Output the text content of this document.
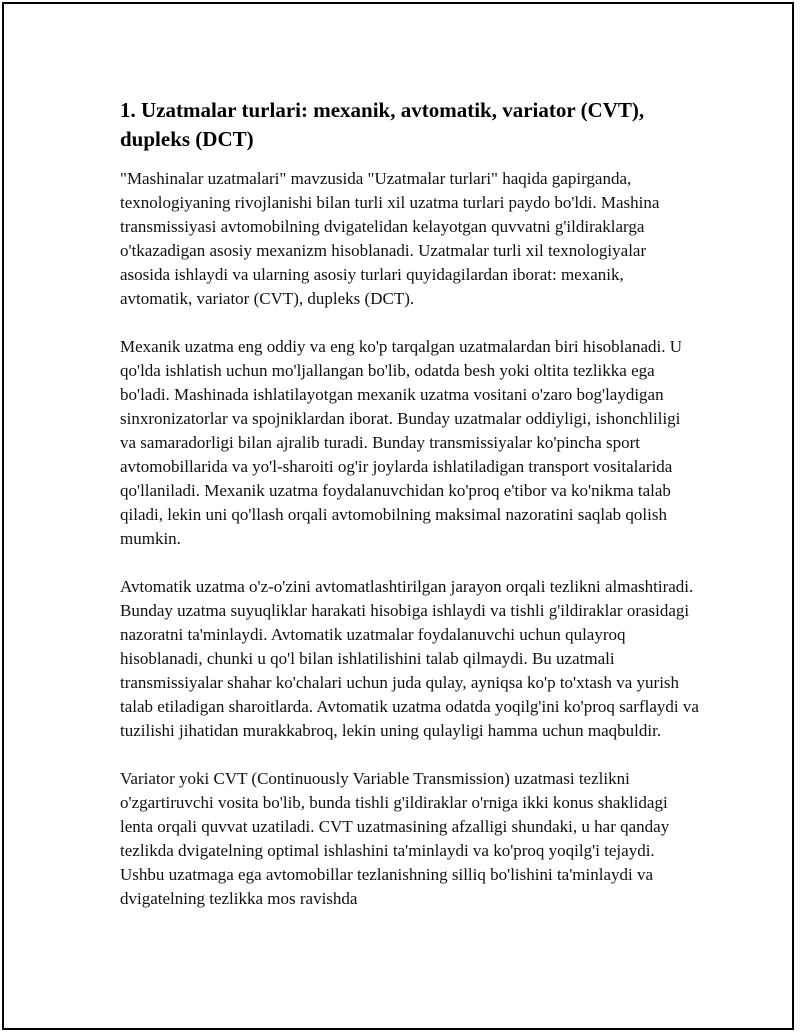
1. Uzatmalar turlari: mexanik, avtomatik, variator (CVT), dupleks (DCT)

"Mashinalar uzatmalari" mavzusida "Uzatmalar turlari" haqida gapirganda, texnologiyaning rivojlanishi bilan turli xil uzatma turlari paydo bo'ldi. Mashina transmissiyasi avtomobilning dvigatelidan kelayotgan quvvatni g'ildiraklarga o'tkazadigan asosiy mexanizm hisoblanadi. Uzatmalar turli xil texnologiyalar asosida ishlaydi va ularning asosiy turlari quyidagilardan iborat: mexanik, avtomatik, variator (CVT), dupleks (DCT).

Mexanik uzatma eng oddiy va eng ko'p tarqalgan uzatmalardan biri hisoblanadi. U qo'lda ishlatish uchun mo'ljallangan bo'lib, odatda besh yoki oltita tezlikka ega bo'ladi. Mashinada ishlatilayotgan mexanik uzatma vositani o'zaro bog'laydigan sinxronizatorlar va spojniklardan iborat. Bunday uzatmalar oddiyligi, ishonchliligi va samaradorligi bilan ajralib turadi. Bunday transmissiyalar ko'pincha sport avtomobillarida va yo'l-sharoiti og'ir joylarda ishlatiladigan transport vositalarida qo'llaniladi. Mexanik uzatma foydalanuvchidan ko'proq e'tibor va ko'nikma talab qiladi, lekin uni qo'llash orqali avtomobilning maksimal nazoratini saqlab qolish mumkin.

Avtomatik uzatma o'z-o'zini avtomatlashtirilgan jarayon orqali tezlikni almashtiradi. Bunday uzatma suyuqliklar harakati hisobiga ishlaydi va tishli g'ildiraklar orasidagi nazoratni ta'minlaydi. Avtomatik uzatmalar foydalanuvchi uchun qulayroq hisoblanadi, chunki u qo'l bilan ishlatilishini talab qilmaydi. Bu uzatmali transmissiyalar shahar ko'chalari uchun juda qulay, ayniqsa ko'p to'xtash va yurish talab etiladigan sharoitlarda. Avtomatik uzatma odatda yoqilg'ini ko'proq sarflaydi va tuzilishi jihatidan murakkabroq, lekin uning qulayligi hamma uchun maqbuldir.

Variator yoki CVT (Continuously Variable Transmission) uzatmasi tezlikni o'zgartiruvchi vosita bo'lib, bunda tishli g'ildiraklar o'rniga ikki konus shaklidagi lenta orqali quvvat uzatiladi. CVT uzatmasining afzalligi shundaki, u har qanday tezlikda dvigatelning optimal ishlashini ta'minlaydi va ko'proq yoqilg'i tejaydi. Ushbu uzatmaga ega avtomobillar tezlanishning silliq bo'lishini ta'minlaydi va dvigatelning tezlikka mos ravishda
